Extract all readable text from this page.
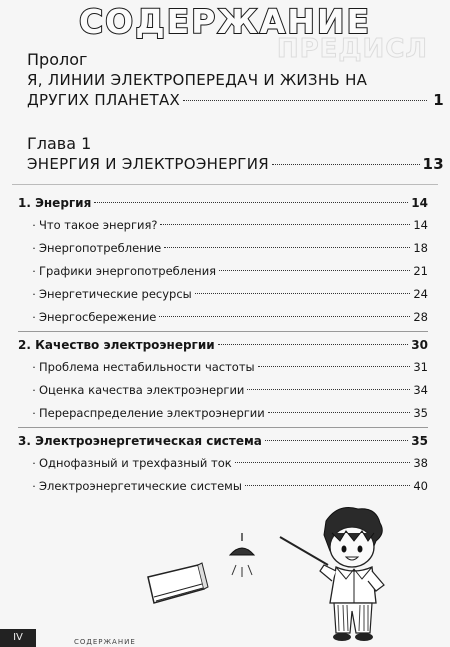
ПРЕДИСЛ
СОДЕРЖАНИЕ
Пролог
Я, ЛИНИИ ЭЛЕКТРОПЕРЕДАЧ И ЖИЗНЬ НА
ДРУГИХ ПЛАНЕТАХ	1
Глава 1
ЭНЕРГИЯ И ЭЛЕКТРОЭНЕРГИЯ	13
1. Энергия	14
· Что такое энергия?	14
· Энергопотребление	18
· Графики энергопотребления	21
· Энергетические ресурсы	24
· Энергосбережение	28
2. Качество электроэнергии	30
· Проблема нестабильности частоты	31
· Оценка качества электроэнергии	34
· Перераспределение электроэнергии	35
3. Электроэнергетическая система	35
· Однофазный и трехфазный ток	38
· Электроэнергетические системы	40
IV	СОДЕРЖАНИЕ
